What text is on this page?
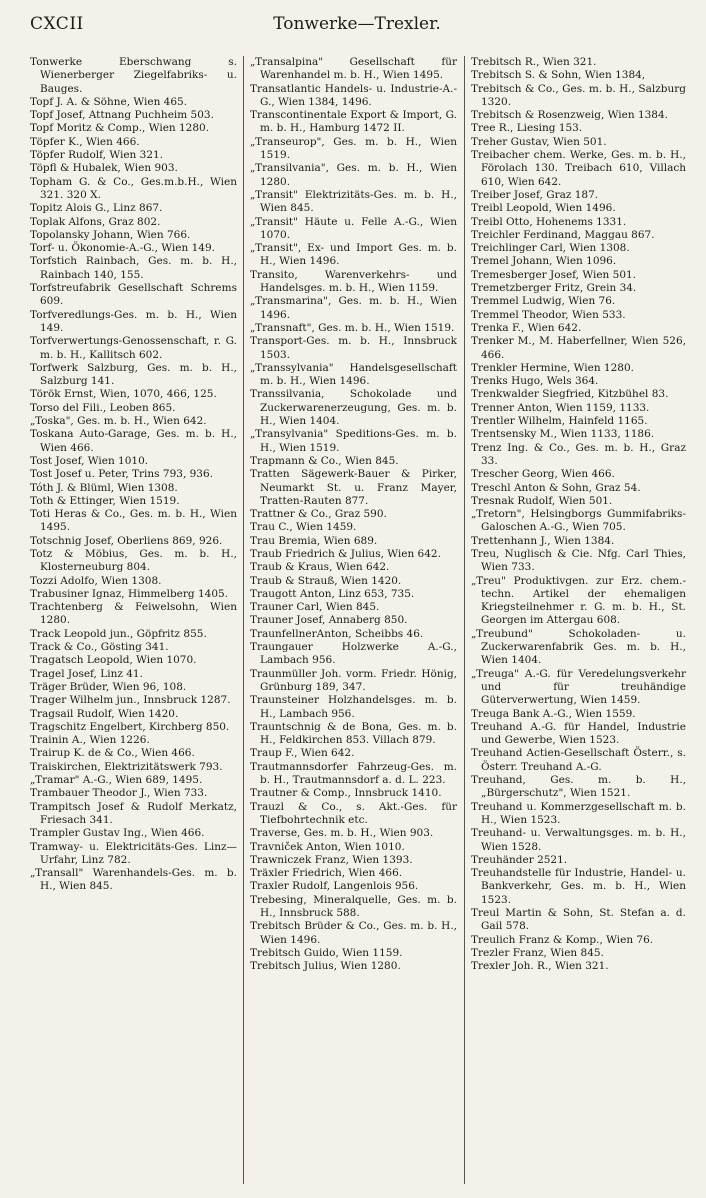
CXCII	Tonwerke—Trexler.
Tonwerke Eberschwang s. Wienerberger Ziegelfabriks- u. Bauges.
Topf J. A. & Söhne, Wien 465.
Topf Josef, Attnang Puchheim 503.
Topf Moritz & Comp., Wien 1280.
Töpfer K., Wien 466.
Töpfer Rudolf, Wien 321.
Töpfl & Hubalek, Wien 903.
Topham G. & Co., Ges.m.b.H., Wien 321. 320 X.
Topitz Alois G., Linz 867.
Toplak Alfons, Graz 802.
Topolansky Johann, Wien 766.
Torf- u. Ökonomie-A.-G., Wien 149.
Torfstich Rainbach, Ges. m. b. H., Rainbach 140, 155.
Torfstreufabrik Gesellschaft Schrems 609.
Torfveredlungs-Ges. m. b. H., Wien 149.
Torfverwertungs-Genossenschaft, r. G. m. b. H., Kallitsch 602.
Torfwerk Salzburg, Ges. m. b. H., Salzburg 141.
Török Ernst, Wien, 1070, 466, 125.
Torso del Fili., Leoben 865.
„Toska", Ges. m. b. H., Wien 642.
Toskana Auto-Garage, Ges. m. b. H., Wien 466.
Tost Josef, Wien 1010.
Tost Josef u. Peter, Trins 793, 936.
Tóth J. & Blüml, Wien 1308.
Toth & Ettinger, Wien 1519.
Toti Heras & Co., Ges. m. b. H., Wien 1495.
Totschnig Josef, Oberliens 869, 926.
Totz & Möbius, Ges. m. b. H., Klosterneuburg 804.
Tozzi Adolfo, Wien 1308.
Trabusiner Ignaz, Himmelberg 1405.
Trachtenberg & Feiwelsohn, Wien 1280.
Track Leopold jun., Göpfritz 855.
Track & Co., Gösting 341.
Tragatsch Leopold, Wien 1070.
Tragel Josef, Linz 41.
Träger Brüder, Wien 96, 108.
Trager Wilhelm jun., Innsbruck 1287.
Tragsail Rudolf, Wien 1420.
Tragschitz Engelbert, Kirchberg 850.
Trainin A., Wien 1226.
Trairup K. de & Co., Wien 466.
Traiskirchen, Elektrizitätswerk 793.
„Tramar" A.-G., Wien 689, 1495.
Trambauer Theodor J., Wien 733.
Trampitsch Josef & Rudolf Merkatz, Friesach 341.
Trampler Gustav Ing., Wien 466.
Tramway- u. Elektricitäts-Ges. Linz—Urfahr, Linz 782.
„Transall" Warenhandels-Ges. m. b. H., Wien 845.
„Transalpina" Gesellschaft für Warenhandel m. b. H., Wien 1495.
Transatlantic Handels- u. Industrie-A.-G., Wien 1384, 1496.
Transcontinentale Export & Import, G. m. b. H., Hamburg 1472 II.
„Transeurop", Ges. m. b. H., Wien 1519.
„Transilvania", Ges. m. b. H., Wien 1280.
„Transit" Elektrizitäts-Ges. m. b. H., Wien 845.
„Transit" Häute u. Felle A.-G., Wien 1070.
„Transit", Ex- und Import Ges. m. b. H., Wien 1496.
Transito, Warenverkehrs- und Handelsges. m. b. H., Wien 1159.
„Transmarina", Ges. m. b. H., Wien 1496.
„Transnaft", Ges. m. b. H., Wien 1519.
Transport-Ges. m. b. H., Innsbruck 1503.
„Transsylvania" Handelsgesellschaft m. b. H., Wien 1496.
Transsilvania, Schokolade und Zuckerwarenerzeugung, Ges. m. b. H., Wien 1404.
„Transylvania" Speditions-Ges. m. b. H., Wien 1519.
Trapmann & Co., Wien 845.
Tratten Sägewerk-Bauer & Pirker, Neumarkt St. u. Franz Mayer, Tratten-Rauten 877.
Trattner & Co., Graz 590.
Trau C., Wien 1459.
Trau Bremia, Wien 689.
Traub Friedrich & Julius, Wien 642.
Traub & Kraus, Wien 642.
Traub & Strauß, Wien 1420.
Traugott Anton, Linz 653, 735.
Trauner Carl, Wien 845.
Trauner Josef, Annaberg 850.
TraunfellnerAnton, Scheibbs 46.
Traungauer Holzwerke A.-G., Lambach 956.
Traunmüller Joh. vorm. Friedr. Hönig, Grünburg 189, 347.
Traunsteiner Holzhandelsges. m. b. H., Lambach 956.
Trauntschnig & de Bona, Ges. m. b. H., Feldkirchen 853. Villach 879.
Traup F., Wien 642.
Trautmannsdorfer Fahrzeug-Ges. m. b. H., Trautmannsdorf a. d. L. 223.
Trautner & Comp., Innsbruck 1410.
Trauzl & Co., s. Akt.-Ges. für Tiefbohrtechnik etc.
Traverse, Ges. m. b. H., Wien 903.
Travniček Anton, Wien 1010.
Trawniczek Franz, Wien 1393.
Träxler Friedrich, Wien 466.
Traxler Rudolf, Langenlois 956.
Trebesing, Mineralquelle, Ges. m. b. H., Innsbruck 588.
Trebitsch Brüder & Co., Ges. m. b. H., Wien 1496.
Trebitsch Guido, Wien 1159.
Trebitsch Julius, Wien 1280.
Trebitsch R., Wien 321.
Trebitsch S. & Sohn, Wien 1384,
Trebitsch & Co., Ges. m. b. H., Salzburg 1320.
Trebitsch & Rosenzweig, Wien 1384.
Tree R., Liesing 153.
Treher Gustav, Wien 501.
Treibacher chem. Werke, Ges. m. b. H., Förolach 130. Treibach 610, Villach 610, Wien 642.
Treiber Josef, Graz 187.
Treibl Leopold, Wien 1496.
Treibl Otto, Hohenems 1331.
Treichler Ferdinand, Maggau 867.
Treichlinger Carl, Wien 1308.
Tremel Johann, Wien 1096.
Tremesberger Josef, Wien 501.
Tremetzberger Fritz, Grein 34.
Tremmel Ludwig, Wien 76.
Tremmel Theodor, Wien 533.
Trenka F., Wien 642.
Trenker M., M. Haberfellner, Wien 526, 466.
Trenkler Hermine, Wien 1280.
Trenks Hugo, Wels 364.
Trenkwalder Siegfried, Kitzbühel 83.
Trenner Anton, Wien 1159, 1133.
Trentler Wilhelm, Hainfeld 1165.
Trentsensky M., Wien 1133, 1186.
Trenz Ing. & Co., Ges. m. b. H., Graz 33.
Trescher Georg, Wien 466.
Treschl Anton & Sohn, Graz 54.
Tresnak Rudolf, Wien 501.
„Tretorn", Helsingborgs Gummifabriks-Galoschen A.-G., Wien 705.
Trettenhann J., Wien 1384.
Treu, Nuglisch & Cie. Nfg. Carl Thies, Wien 733.
„Treu" Produktivgen. zur Erz. chem.-techn. Artikel der ehemaligen Kriegsteilnehmer r. G. m. b. H., St. Georgen im Attergau 608.
„Treubund" Schokoladen- u. Zuckerwarenfabrik Ges. m. b. H., Wien 1404.
„Treuga" A.-G. für Veredelungsverkehr und für treuhändige Güterverwertung, Wien 1459.
Treuga Bank A.-G., Wien 1559.
Treuhand A.-G. für Handel, Industrie und Gewerbe, Wien 1523.
Treuhand Actien-Gesellschaft Österr., s. Österr. Treuhand A.-G.
Treuhand, Ges. m. b. H., „Bürgerschutz", Wien 1521.
Treuhand u. Kommerzgesellschaft m. b. H., Wien 1523.
Treuhand- u. Verwaltungsges. m. b. H., Wien 1528.
Treuhänder 2521.
Treuhandstelle für Industrie, Handel- u. Bankverkehr, Ges. m. b. H., Wien 1523.
Treul Martin & Sohn, St. Stefan a. d. Gail 578.
Treulich Franz & Komp., Wien 76.
Trezler Franz, Wien 845.
Trexler Joh. R., Wien 321.
